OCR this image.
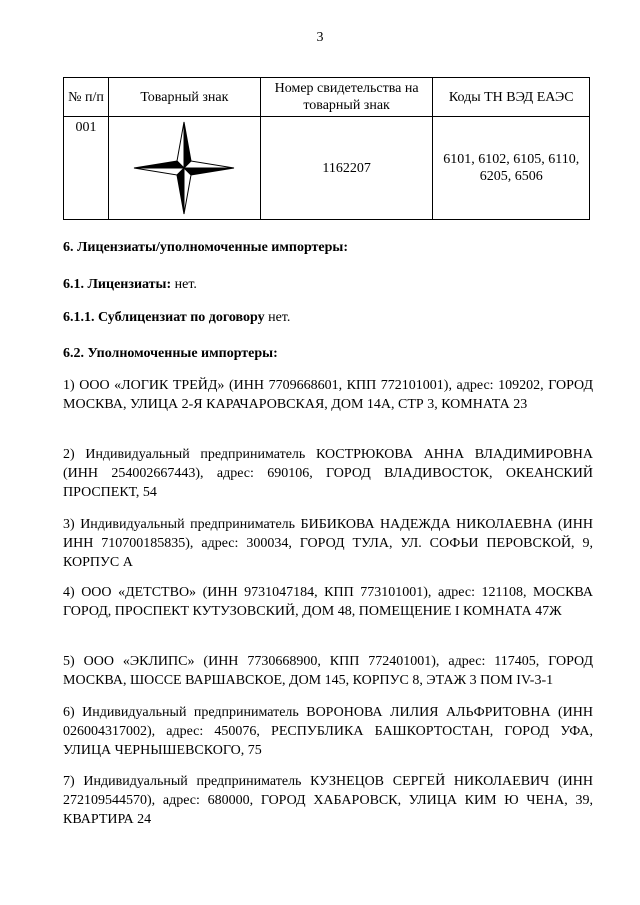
3
№ п/п	Товарный знак	Номер свидетельства на товарный знак	Коды ТН ВЭД ЕАЭС
001		1162207	6101, 6102, 6105, 6110, 6205, 6506
6. Лицензиаты/уполномоченные импортеры:
6.1. Лицензиаты: нет.
6.1.1. Сублицензиат по договору нет.
6.2. Уполномоченные импортеры:
1) ООО «ЛОГИК ТРЕЙД» (ИНН 7709668601, КПП 772101001), адрес: 109202, ГОРОД МОСКВА, УЛИЦА 2-Я КАРАЧАРОВСКАЯ, ДОМ 14А, СТР 3, КОМНАТА 23
2) Индивидуальный предприниматель КОСТРЮКОВА АННА ВЛАДИМИРОВНА (ИНН 254002667443), адрес: 690106, ГОРОД ВЛАДИВОСТОК, ОКЕАНСКИЙ ПРОСПЕКТ, 54
3) Индивидуальный предприниматель БИБИКОВА НАДЕЖДА НИКОЛАЕВНА (ИНН ИНН 710700185835), адрес: 300034, ГОРОД ТУЛА, УЛ. СОФЬИ ПЕРОВСКОЙ, 9, КОРПУС А
4) ООО «ДЕТСТВО» (ИНН 9731047184, КПП 773101001), адрес: 121108, МОСКВА ГОРОД, ПРОСПЕКТ КУТУЗОВСКИЙ, ДОМ 48, ПОМЕЩЕНИЕ I КОМНАТА 47Ж
5) ООО «ЭКЛИПС» (ИНН 7730668900, КПП 772401001), адрес: 117405, ГОРОД МОСКВА, ШОССЕ ВАРШАВСКОЕ, ДОМ 145, КОРПУС 8, ЭТАЖ 3 ПОМ IV-3-1
6) Индивидуальный предприниматель ВОРОНОВА ЛИЛИЯ АЛЬФРИТОВНА (ИНН 026004317002), адрес: 450076, РЕСПУБЛИКА БАШКОРТОСТАН, ГОРОД УФА, УЛИЦА ЧЕРНЫШЕВСКОГО, 75
7) Индивидуальный предприниматель КУЗНЕЦОВ СЕРГЕЙ НИКОЛАЕВИЧ (ИНН 272109544570), адрес: 680000, ГОРОД ХАБАРОВСК, УЛИЦА КИМ Ю ЧЕНА, 39, КВАРТИРА 24
